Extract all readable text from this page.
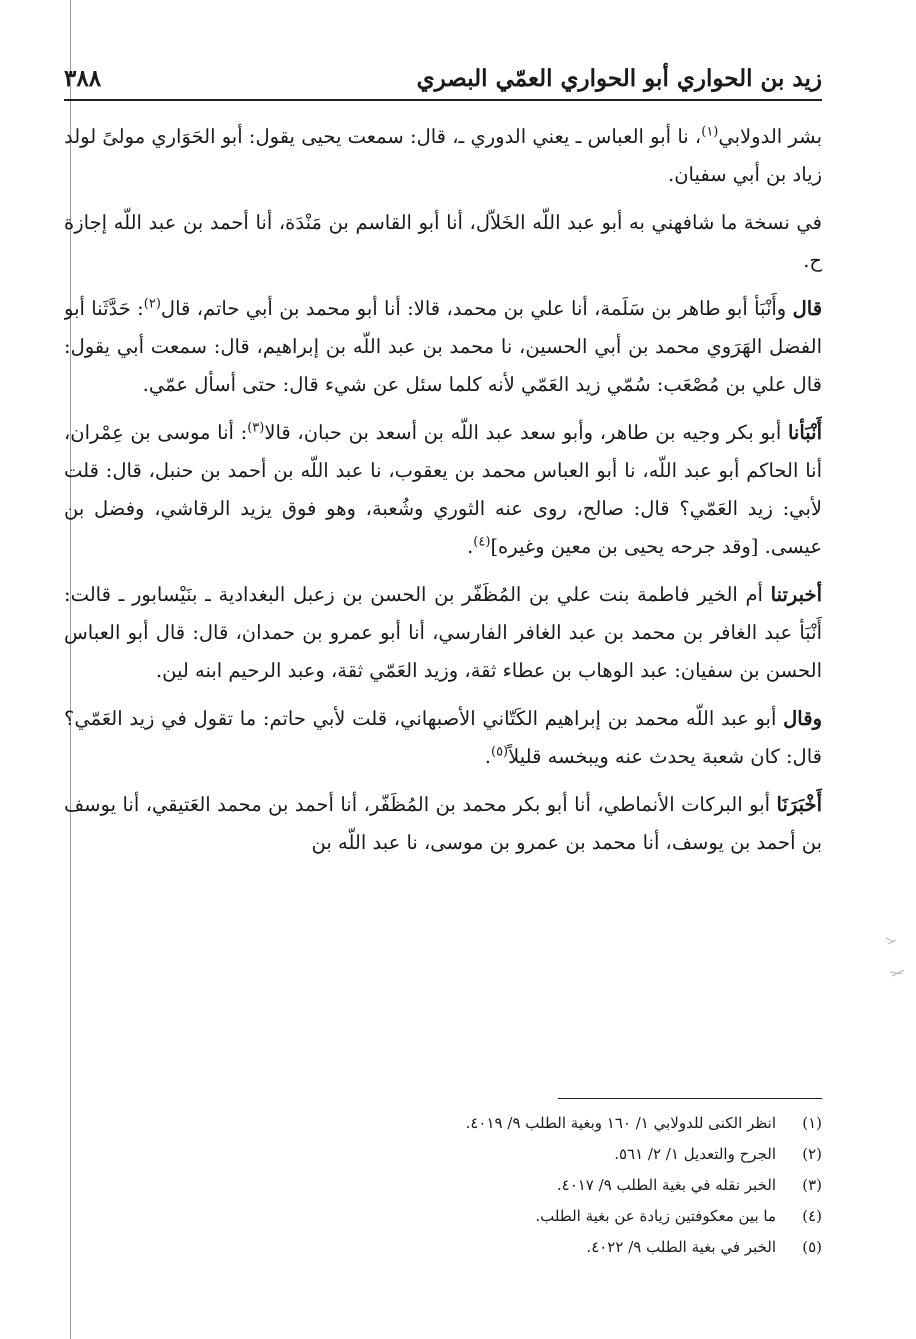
زيد بن الحواري أبو الحواري العمّي البصري
٣٨٨

بشر الدولابي$^{(١)}$، نا أبو العباس ـ يعني الدوري ـ، قال: سمعت يحيى يقول: أبو الحَوَاري مولىً لولد زياد بن أبي سفيان.

في نسخة ما شافهني به أبو عبد اللّه الخَلاّل، أنا أبو القاسم بن مَنْدَة، أنا أحمد بن عبد اللّه إجازة ح.

قال وأَنْبَأ أبو طاهر بن سَلَمة، أنا علي بن محمد، قالا: أنا أبو محمد بن أبي حاتم، قال$^{(٢)}$: حَدَّثَنا أبو الفضل الهَرَوي محمد بن أبي الحسين، نا محمد بن عبد اللّه بن إبراهيم، قال: سمعت أبي يقول: قال علي بن مُصْعَب: سُمّي زيد العَمّي لأنه كلما سئل عن شيء قال: حتى أسأل عمّي.

أَنْبَأنا أبو بكر وجيه بن طاهر، وأبو سعد عبد اللّه بن أسعد بن حبان، قالا$^{(٣)}$: أنا موسى بن عِمْران، أنا الحاكم أبو عبد اللّه، نا أبو العباس محمد بن يعقوب، نا عبد اللّه بن أحمد بن حنبل، قال: قلت لأبي: زيد العَمّي؟ قال: صالح، روى عنه الثوري وشُعبة، وهو فوق يزيد الرقاشي، وفضل بن عيسى. [وقد جرحه يحيى بن معين وغيره]$^{(٤)}$.

أخبرتنا أم الخير فاطمة بنت علي بن المُظَفّر بن الحسن بن زعبل البغدادية ـ بنَيْسابور ـ قالت: أَنْبَأ عبد الغافر بن محمد بن عبد الغافر الفارسي، أنا أبو عمرو بن حمدان، قال: قال أبو العباس الحسن بن سفيان: عبد الوهاب بن عطاء ثقة، وزيد العَمّي ثقة، وعبد الرحيم ابنه لين.

وقال أبو عبد اللّه محمد بن إبراهيم الكَتّاني الأصبهاني، قلت لأبي حاتم: ما تقول في زيد العَمّي؟ قال: كان شعبة يحدث عنه ويبخسه قليلاً$^{(٥)}$.

أَخْبَرَنَا أبو البركات الأنماطي، أنا أبو بكر محمد بن المُظَفّر، أنا أحمد بن محمد العَتيقي، أنا يوسف بن أحمد بن يوسف، أنا محمد بن عمرو بن موسى، نا عبد اللّه بن

(١)
انظر الكنى للدولابي ١/ ١٦٠ وبغية الطلب ٩/ ٤٠١٩.
(٢)
الجرح والتعديل ١/ ٢/ ٥٦١.
(٣)
الخبر نقله في بغية الطلب ٩/ ٤٠١٧.
(٤)
ما بين معكوفتين زيادة عن بغية الطلب.
(٥)
الخبر في بغية الطلب ٩/ ٤٠٢٢.
